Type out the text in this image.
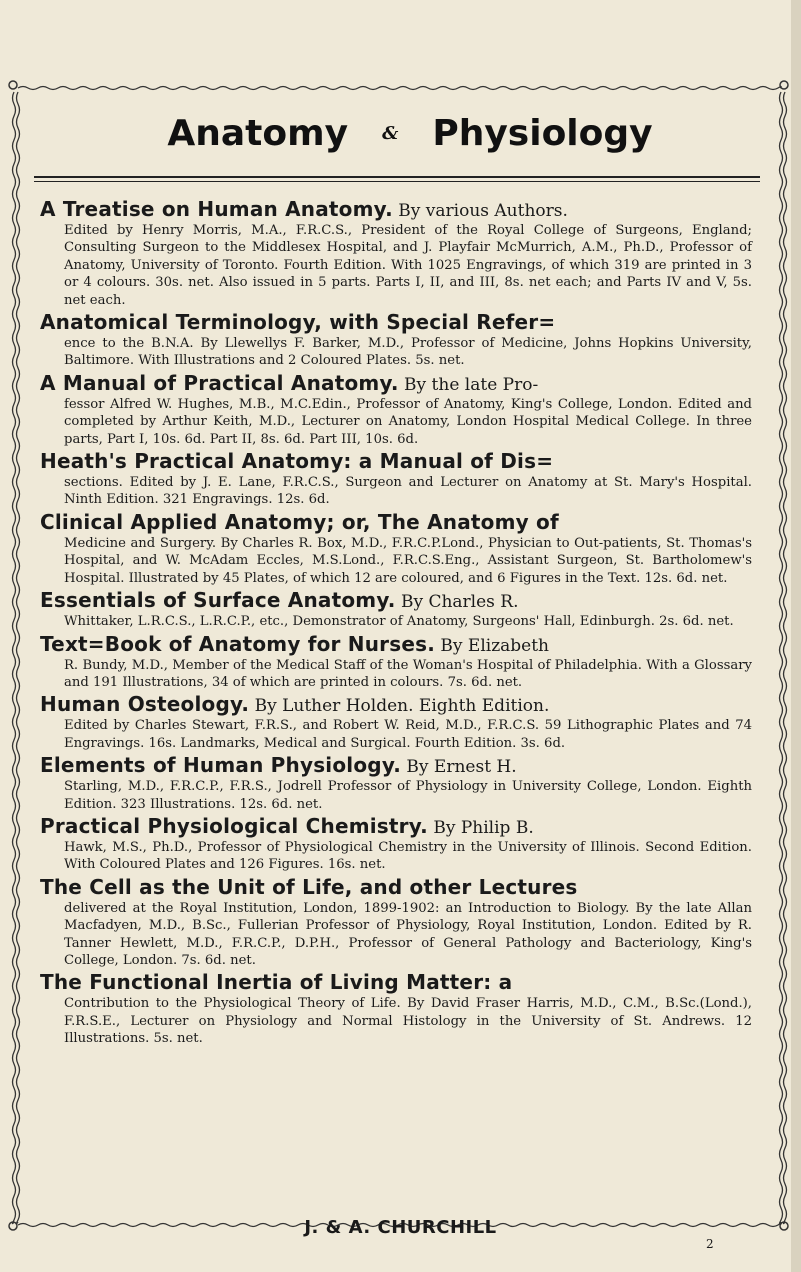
Anatomy & Physiology
A Treatise on Human Anatomy. By various Authors.
Edited by Henry Morris, M.A., F.R.C.S., President of the Royal College of Surgeons, England; Consulting Surgeon to the Middlesex Hospital, and J. Playfair McMurrich, A.M., Ph.D., Professor of Anatomy, University of Toronto. Fourth Edition. With 1025 Engravings, of which 319 are printed in 3 or 4 colours. 30s. net. Also issued in 5 parts. Parts I, II, and III, 8s. net each; and Parts IV and V, 5s. net each.
Anatomical Terminology, with Special Refer=
ence to the B.N.A. By Llewellys F. Barker, M.D., Professor of Medicine, Johns Hopkins University, Baltimore. With Illustrations and 2 Coloured Plates. 5s. net.
A Manual of Practical Anatomy. By the late Pro-
fessor Alfred W. Hughes, M.B., M.C.Edin., Professor of Anatomy, King's College, London. Edited and completed by Arthur Keith, M.D., Lecturer on Anatomy, London Hospital Medical College. In three parts, Part I, 10s. 6d. Part II, 8s. 6d. Part III, 10s. 6d.
Heath's Practical Anatomy: a Manual of Dis=
sections. Edited by J. E. Lane, F.R.C.S., Surgeon and Lecturer on Anatomy at St. Mary's Hospital. Ninth Edition. 321 Engravings. 12s. 6d.
Clinical Applied Anatomy; or, The Anatomy of
Medicine and Surgery. By Charles R. Box, M.D., F.R.C.P.Lond., Physician to Out-patients, St. Thomas's Hospital, and W. McAdam Eccles, M.S.Lond., F.R.C.S.Eng., Assistant Surgeon, St. Bartholomew's Hospital. Illustrated by 45 Plates, of which 12 are coloured, and 6 Figures in the Text. 12s. 6d. net.
Essentials of Surface Anatomy. By Charles R.
Whittaker, L.R.C.S., L.R.C.P., etc., Demonstrator of Anatomy, Surgeons' Hall, Edinburgh. 2s. 6d. net.
Text=Book of Anatomy for Nurses. By Elizabeth
R. Bundy, M.D., Member of the Medical Staff of the Woman's Hospital of Philadelphia. With a Glossary and 191 Illustrations, 34 of which are printed in colours. 7s. 6d. net.
Human Osteology. By Luther Holden. Eighth Edition.
Edited by Charles Stewart, F.R.S., and Robert W. Reid, M.D., F.R.C.S. 59 Lithographic Plates and 74 Engravings. 16s. Landmarks, Medical and Surgical. Fourth Edition. 3s. 6d.
Elements of Human Physiology. By Ernest H.
Starling, M.D., F.R.C.P., F.R.S., Jodrell Professor of Physiology in University College, London. Eighth Edition. 323 Illustrations. 12s. 6d. net.
Practical Physiological Chemistry. By Philip B.
Hawk, M.S., Ph.D., Professor of Physiological Chemistry in the University of Illinois. Second Edition. With Coloured Plates and 126 Figures. 16s. net.
The Cell as the Unit of Life, and other Lectures
delivered at the Royal Institution, London, 1899-1902: an Introduction to Biology. By the late Allan Macfadyen, M.D., B.Sc., Fullerian Professor of Physiology, Royal Institution, London. Edited by R. Tanner Hewlett, M.D., F.R.C.P., D.P.H., Professor of General Pathology and Bacteriology, King's College, London. 7s. 6d. net.
The Functional Inertia of Living Matter: a
Contribution to the Physiological Theory of Life. By David Fraser Harris, M.D., C.M., B.Sc.(Lond.), F.R.S.E., Lecturer on Physiology and Normal Histology in the University of St. Andrews. 12 Illustrations. 5s. net.
J. & A. CHURCHILL
2
